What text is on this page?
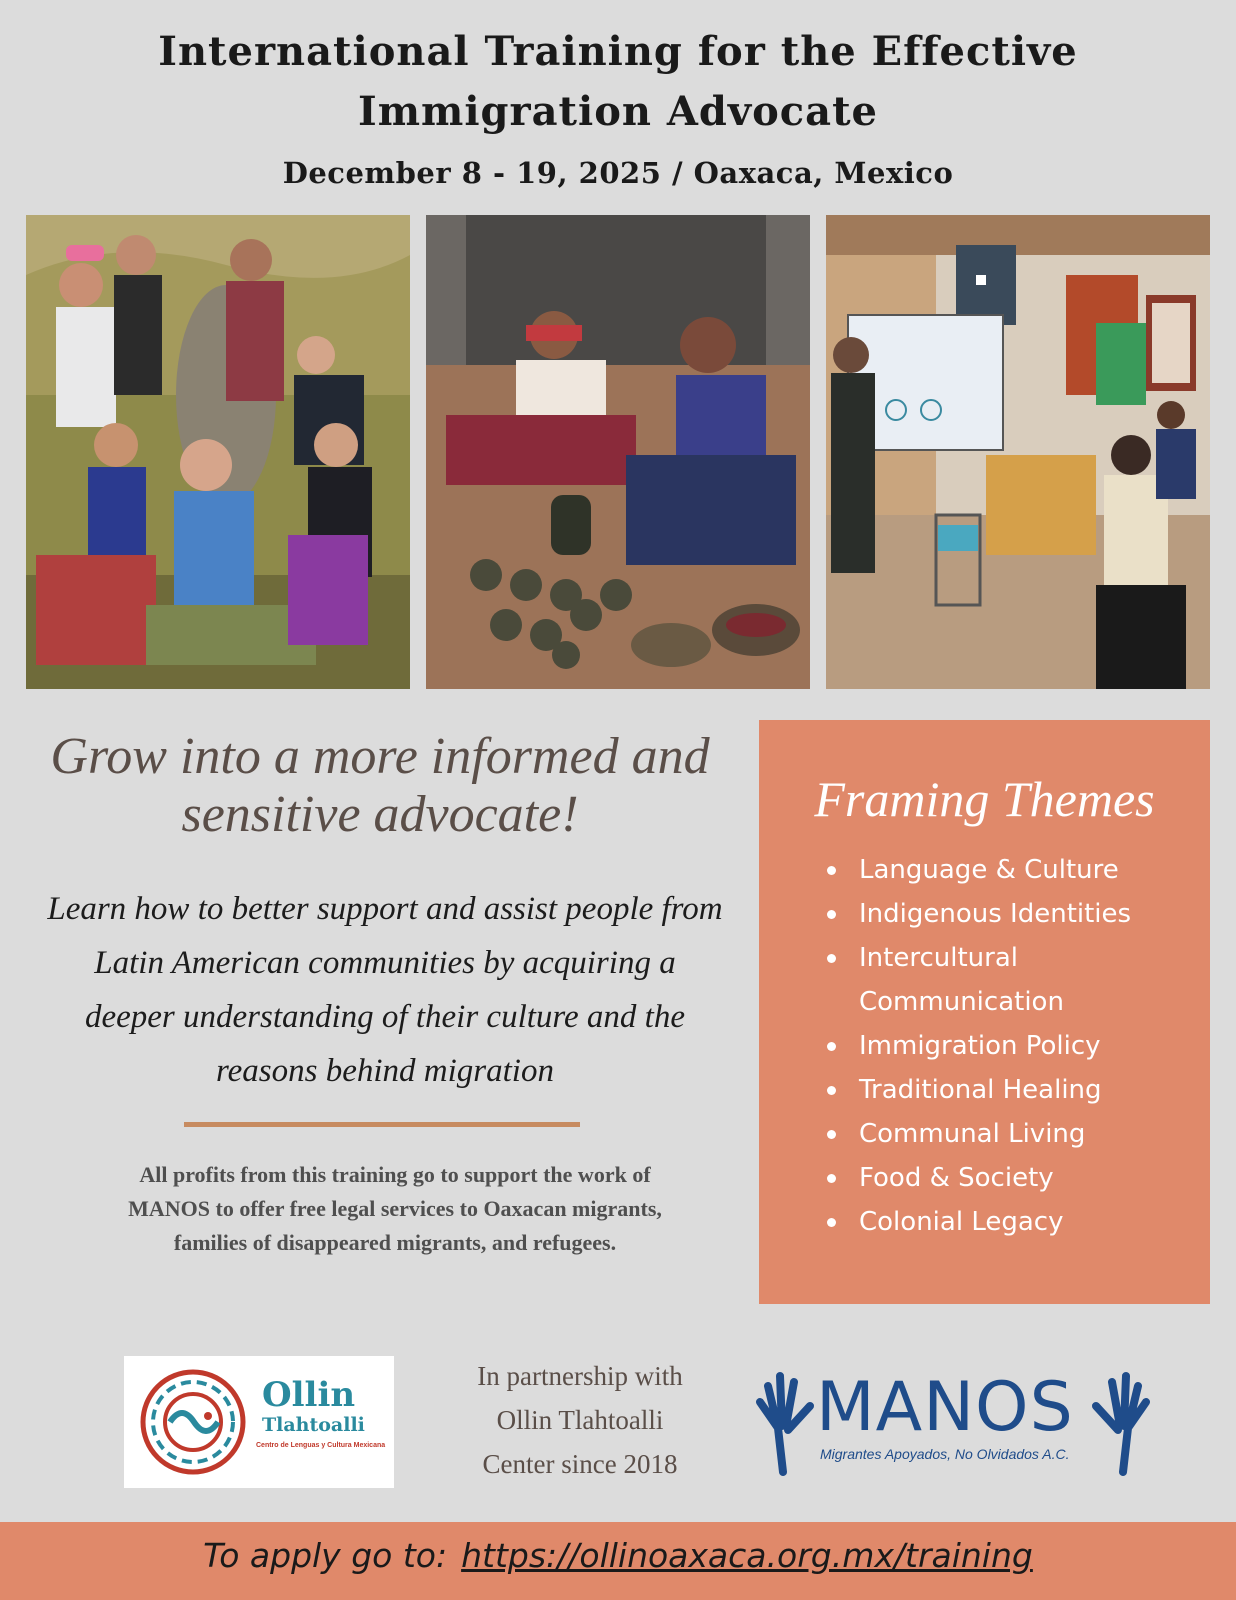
International Training for the Effective
Immigration Advocate
December 8 - 19, 2025 / Oaxaca, Mexico
Grow into a more informed and
sensitive advocate!
Learn how to better support and assist people from
Latin American communities by acquiring a
deeper understanding of their culture and the
reasons behind migration
All profits from this training go to support the work of
MANOS to offer free legal services to Oaxacan migrants,
families of disappeared migrants, and refugees.
Framing Themes
Language & Culture
Indigenous Identities
Intercultural
Communication
Immigration Policy
Traditional Healing
Communal Living
Food & Society
Colonial Legacy
Ollin
Tlahtoalli
Centro de Lenguas y Cultura Mexicana
In partnership with
Ollin Tlahtoalli
Center since 2018
MANOS
Migrantes Apoyados, No Olvidados A.C.
To apply go to: https://ollinoaxaca.org.mx/training
